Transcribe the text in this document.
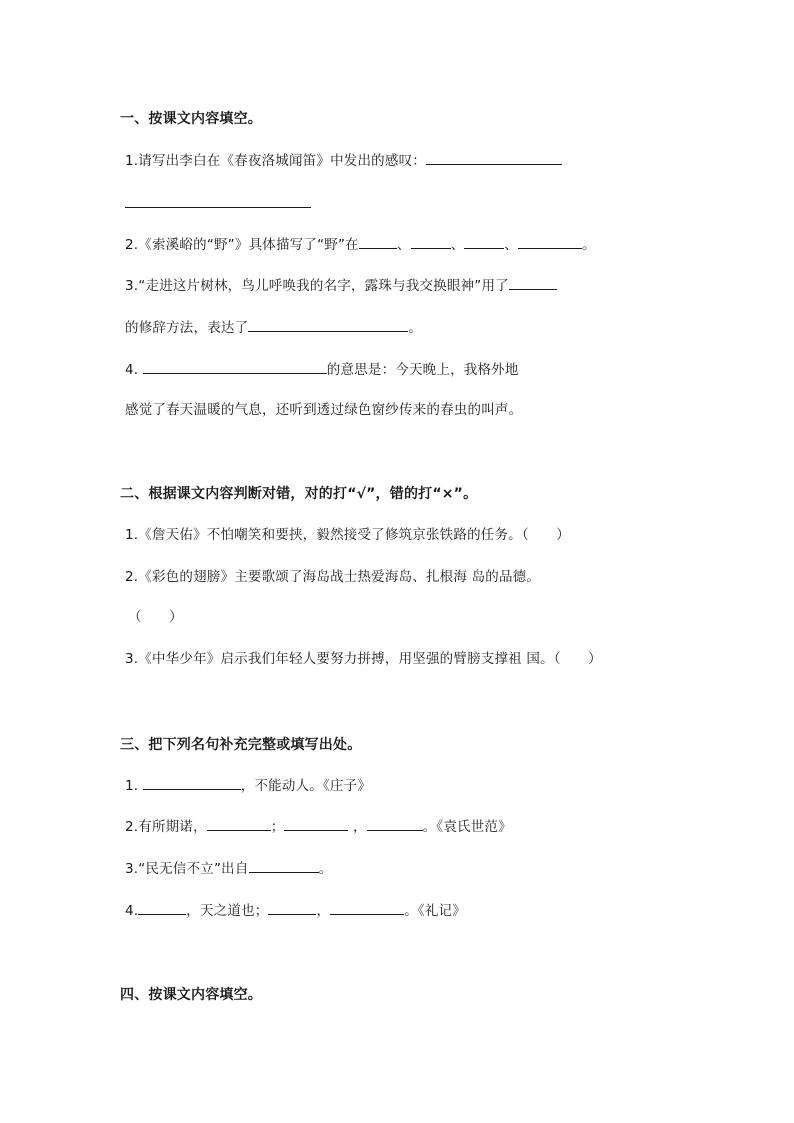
一、按课文内容填空。
1.请写出李白在《春夜洛城闻笛》中发出的感叹：
2.《索溪峪的“野”》具体描写了“野”在	、	、	、	。
3.“走进这片树林，鸟儿呼唤我的名字，露珠与我交换眼神”用了
的修辞方法，表达了	。
4.	的意思是：今天晚上，我格外地
感觉了春天温暖的气息，还听到透过绿色窗纱传来的春虫的叫声。
二、根据课文内容判断对错，对的打“√”，错的打“×”。
1.《詹天佑》不怕嘲笑和要挟，毅然接受了修筑京张铁路的任务。（　　）
2.《彩色的翅膀》主要歌颂了海岛战士热爱海岛、扎根海 岛的品德。
（　　）
3.《中华少年》启示我们年轻人要努力拼搏，用坚强的臂膀支撑祖 国。（　　）
三、把下列名句补充完整或填写出处。
1.	，不能动人。《庄子》
2.有所期诺，	；	，	。《袁氏世范》
3.“民无信不立”出自	。
4.	，天之道也；	，	。《礼记》
四、按课文内容填空。
